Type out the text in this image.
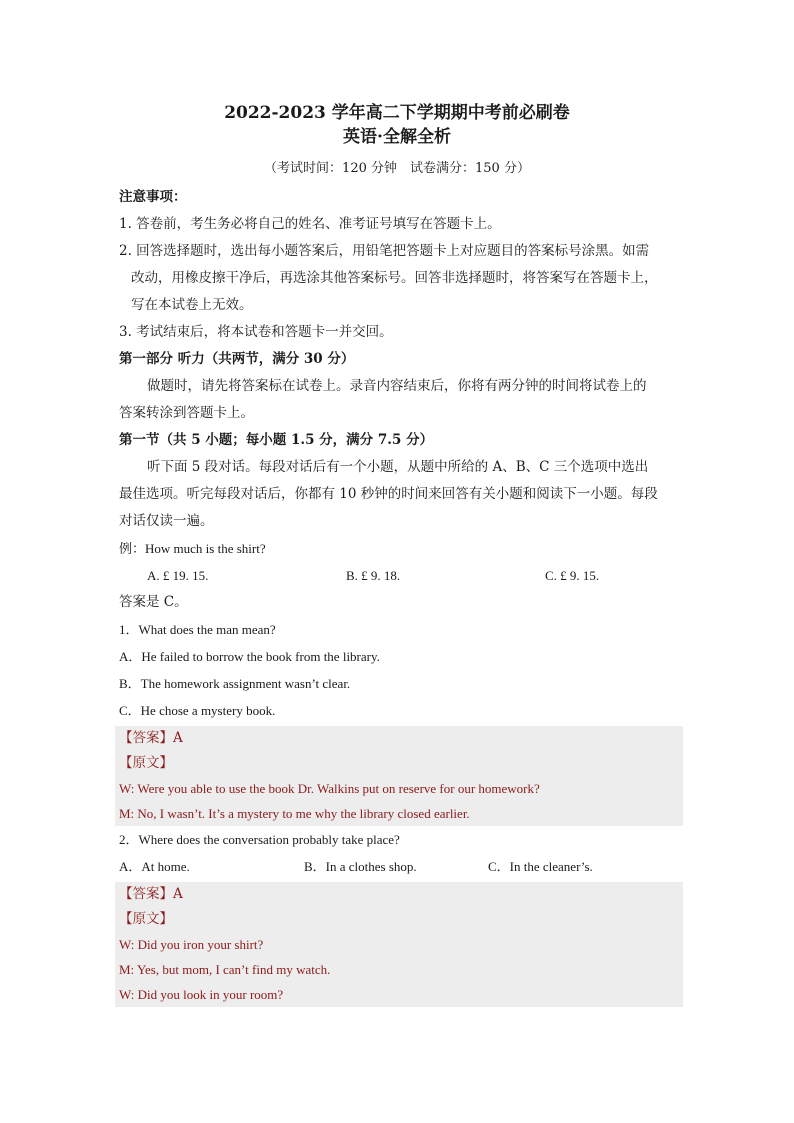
2022-2023 学年高二下学期期中考前必刷卷
英语·全解全析
（考试时间：120 分钟　试卷满分：150 分）
注意事项：
1. 答卷前，考生务必将自己的姓名、准考证号填写在答题卡上。
2. 回答选择题时，选出每小题答案后，用铅笔把答题卡上对应题目的答案标号涂黑。如需
改动，用橡皮擦干净后，再选涂其他答案标号。回答非选择题时，将答案写在答题卡上，
写在本试卷上无效。
3. 考试结束后，将本试卷和答题卡一并交回。
第一部分 听力（共两节，满分 30 分）
做题时，请先将答案标在试卷上。录音内容结束后，你将有两分钟的时间将试卷上的
答案转涂到答题卡上。
第一节（共 5 小题；每小题 1.5 分，满分 7.5 分）
听下面 5 段对话。每段对话后有一个小题，从题中所给的 A、B、C 三个选项中选出
最佳选项。听完每段对话后，你都有 10 秒钟的时间来回答有关小题和阅读下一小题。每段
对话仅读一遍。
例：How much is the shirt?
A. £ 19. 15.	B. £ 9. 18.	C. £ 9. 15.
答案是 C。
1．What does the man mean?
A．He failed to borrow the book from the library.
B．The homework assignment wasn’t clear.
C．He chose a mystery book.
【答案】A
【原文】
W: Were you able to use the book Dr. Walkins put on reserve for our homework?
M: No, I wasn’t. It’s a mystery to me why the library closed earlier.
2．Where does the conversation probably take place?
A．At home.	B．In a clothes shop.	C．In the cleaner’s.
【答案】A
【原文】
W: Did you iron your shirt?
M: Yes, but mom, I can’t find my watch.
W: Did you look in your room?
